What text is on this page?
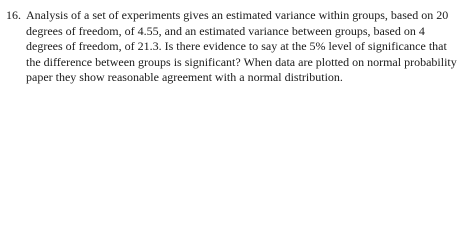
16. Analysis of a set of experiments gives an estimated variance within groups, based on 20 degrees of freedom, of 4.55, and an estimated variance between groups, based on 4 degrees of freedom, of 21.3. Is there evidence to say at the 5% level of significance that the difference between groups is significant? When data are plotted on normal probability paper they show reasonable agreement with a normal distribution.
